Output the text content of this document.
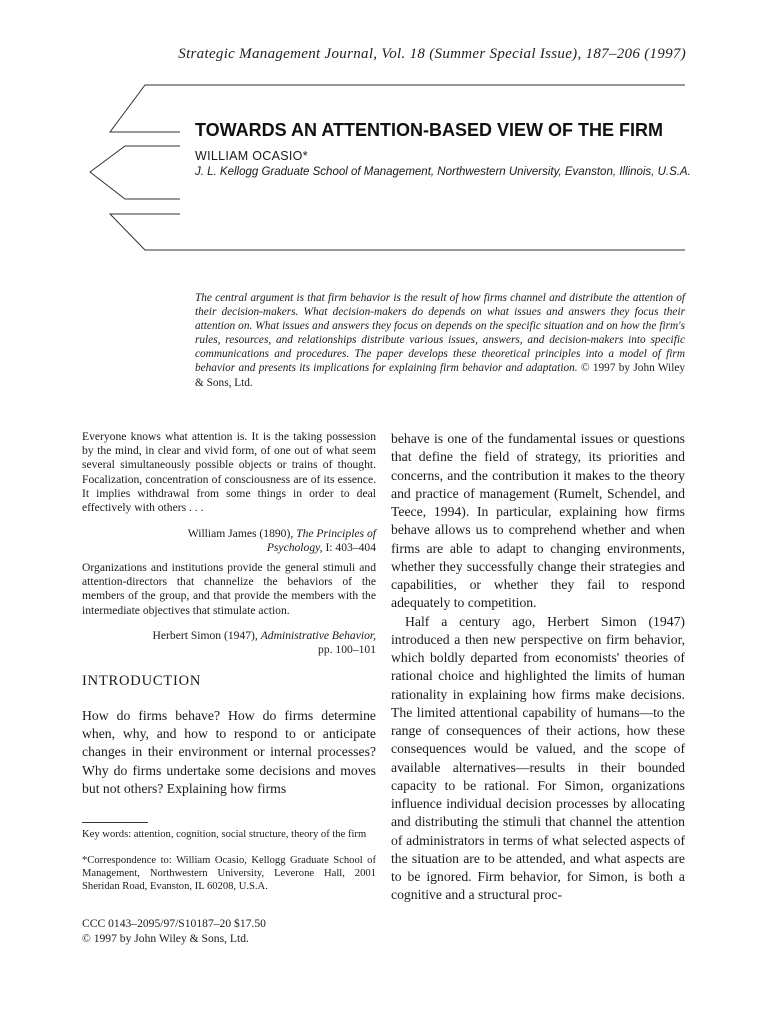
Strategic Management Journal, Vol. 18 (Summer Special Issue), 187–206 (1997)
TOWARDS AN ATTENTION-BASED VIEW OF THE FIRM
WILLIAM OCASIO*
J. L. Kellogg Graduate School of Management, Northwestern University, Evanston, Illinois, U.S.A.
The central argument is that firm behavior is the result of how firms channel and distribute the attention of their decision-makers. What decision-makers do depends on what issues and answers they focus their attention on. What issues and answers they focus on depends on the specific situation and on how the firm's rules, resources, and relationships distribute various issues, answers, and decision-makers into specific communications and procedures. The paper develops these theoretical principles into a model of firm behavior and presents its implications for explaining firm behavior and adaptation. © 1997 by John Wiley & Sons, Ltd.
Everyone knows what attention is. It is the taking possession by the mind, in clear and vivid form, of one out of what seem several simultaneously possible objects or trains of thought. Focalization, concentration of consciousness are of its essence. It implies withdrawal from some things in order to deal effectively with others . . .
William James (1890), The Principles of
Psychology, I: 403–404
Organizations and institutions provide the general stimuli and attention-directors that channelize the behaviors of the members of the group, and that provide the members with the intermediate objectives that stimulate action.
Herbert Simon (1947), Administrative Behavior,
pp. 100–101
INTRODUCTION
How do firms behave? How do firms determine when, why, and how to respond to or anticipate changes in their environment or internal processes? Why do firms undertake some decisions and moves but not others? Explaining how firms
Key words: attention, cognition, social structure, theory of the firm
*Correspondence to: William Ocasio, Kellogg Graduate School of Management, Northwestern University, Leverone Hall, 2001 Sheridan Road, Evanston, IL 60208, U.S.A.
CCC 0143–2095/97/S10187–20 $17.50
© 1997 by John Wiley & Sons, Ltd.

behave is one of the fundamental issues or questions that define the field of strategy, its priorities and concerns, and the contribution it makes to the theory and practice of management (Rumelt, Schendel, and Teece, 1994). In particular, explaining how firms behave allows us to comprehend whether and when firms are able to adapt to changing environments, whether they successfully change their strategies and capabilities, or whether they fail to respond adequately to competition.

Half a century ago, Herbert Simon (1947) introduced a then new perspective on firm behavior, which boldly departed from economists' theories of rational choice and highlighted the limits of human rationality in explaining how firms make decisions. The limited attentional capability of humans—to the range of consequences of their actions, how these consequences would be valued, and the scope of available alternatives—results in their bounded capacity to be rational. For Simon, organizations influence individual decision processes by allocating and distributing the stimuli that channel the attention of administrators in terms of what selected aspects of the situation are to be attended, and what aspects are to be ignored. Firm behavior, for Simon, is both a cognitive and a structural proc-
